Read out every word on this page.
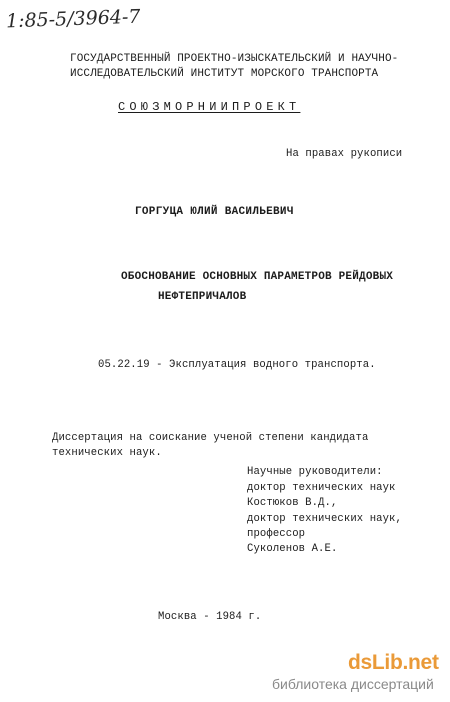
1:85-5/3964-7
ГОСУДАРСТВЕННЫЙ ПРОЕКТНО-ИЗЫСКАТЕЛЬСКИЙ И НАУЧНО-
ИССЛЕДОВАТЕЛЬСКИЙ ИНСТИТУТ МОРСКОГО ТРАНСПОРТА
СОЮЗМОРНИИПРОЕКТ
На правах рукописи
ГОРГУЦА ЮЛИЙ ВАСИЛЬЕВИЧ
ОБОСНОВАНИЕ ОСНОВНЫХ ПАРАМЕТРОВ РЕЙДОВЫХ
НЕФТЕПРИЧАЛОВ
05.22.19 - Эксплуатация водного транспорта.
Диссертация на соискание ученой степени кандидата
технических наук.
Научные руководители:
доктор технических наук
Костюков В.Д.,
доктор технических наук,
профессор
Суколенов А.Е.
Москва - 1984 г.
dsLib.net
библиотека диссертаций
